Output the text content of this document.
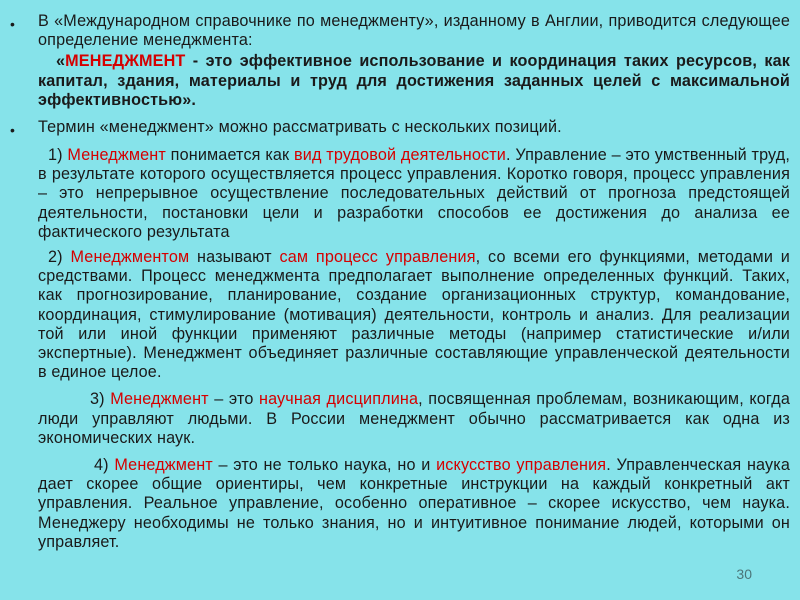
•	В «Международном справочнике по менеджменту», изданному в Англии, приводится следующее определение менеджмента:

«МЕНЕДЖМЕНТ - это эффективное использование и координация таких ресурсов, как капитал, здания, материалы и труд для достижения заданных целей с максимальной эффективностью».

•	Термин «менеджмент» можно рассматривать с нескольких позиций.

1) Менеджмент понимается как вид трудовой деятельности. Управление – это умственный труд, в результате которого осуществляется процесс управления. Коротко говоря, процесс управления – это непрерывное осуществление последовательных действий от прогноза предстоящей деятельности, постановки цели и разработки способов ее достижения до анализа ее фактического результата

2) Менеджментом называют сам процесс управления, со всеми его функциями, методами и средствами. Процесс менеджмента предполагает выполнение определенных функций. Таких, как прогнозирование, планирование, создание организационных структур, командование, координация, стимулирование (мотивация) деятельности, контроль и анализ. Для реализации той или иной функции применяют различные методы (например статистические и/или экспертные). Менеджмент объединяет различные составляющие управленческой деятельности в единое целое.

3) Менеджмент – это научная дисциплина, посвященная проблемам, возникающим, когда люди управляют людьми. В России менеджмент обычно рассматривается как одна из экономических наук.

4) Менеджмент – это не только наука, но и искусство управления. Управленческая наука дает скорее общие ориентиры, чем конкретные инструкции на каждый конкретный акт управления. Реальное управление, особенно оперативное – скорее искусство, чем наука. Менеджеру необходимы не только знания, но и интуитивное понимание людей, которыми он управляет.

30
